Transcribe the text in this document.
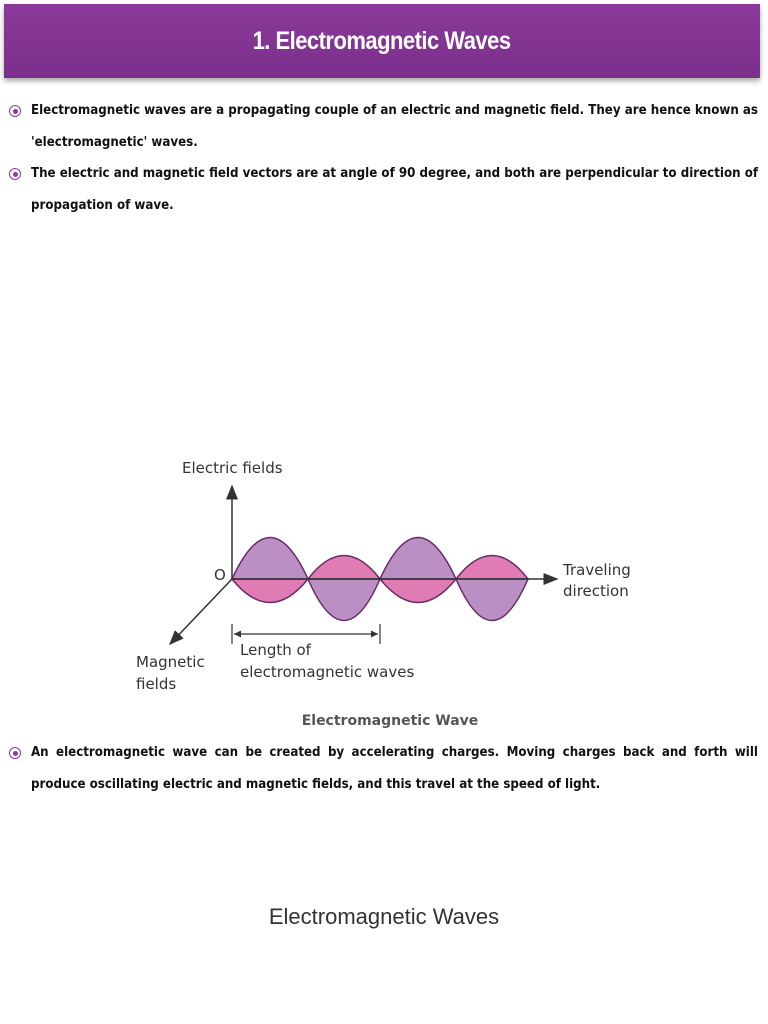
1. Electromagnetic Waves
Electromagnetic waves are a propagating couple of an electric and magnetic field. They are hence known as 'electromagnetic' waves.
The electric and magnetic field vectors are at angle of 90 degree, and both are perpendicular to direction of propagation of wave.
Electric fields
O	Traveling
direction
Magnetic
fields
Length of
electromagnetic waves
Electromagnetic Wave
An electromagnetic wave can be created by accelerating charges. Moving charges back and forth will produce oscillating electric and magnetic fields, and this travel at the speed of light.
Electromagnetic Waves
